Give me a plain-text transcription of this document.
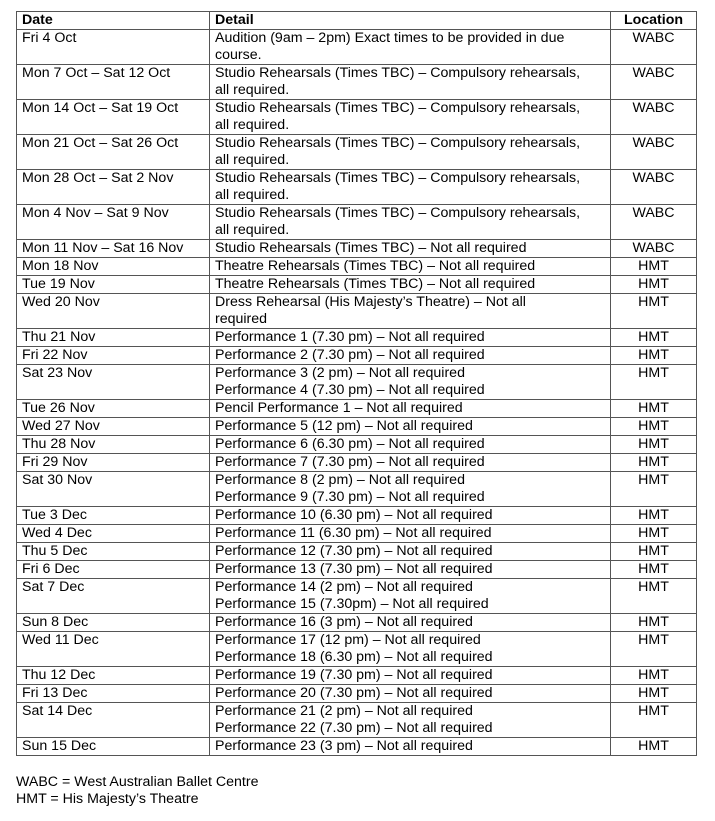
Date	Detail	Location
Fri 4 Oct	Audition (9am – 2pm) Exact times to be provided in due
course.	WABC
Mon 7 Oct – Sat 12 Oct	Studio Rehearsals (Times TBC) – Compulsory rehearsals,
all required.	WABC
Mon 14 Oct – Sat 19 Oct	Studio Rehearsals (Times TBC) – Compulsory rehearsals,
all required.	WABC
Mon 21 Oct – Sat 26 Oct	Studio Rehearsals (Times TBC) – Compulsory rehearsals,
all required.	WABC
Mon 28 Oct – Sat 2 Nov	Studio Rehearsals (Times TBC) – Compulsory rehearsals,
all required.	WABC
Mon 4 Nov – Sat 9 Nov	Studio Rehearsals (Times TBC) – Compulsory rehearsals,
all required.	WABC
Mon 11 Nov – Sat 16 Nov	Studio Rehearsals (Times TBC) – Not all required	WABC
Mon 18 Nov	Theatre Rehearsals (Times TBC) – Not all required	HMT
Tue 19 Nov	Theatre Rehearsals (Times TBC) – Not all required	HMT
Wed 20 Nov	Dress Rehearsal (His Majesty’s Theatre) – Not all
required	HMT
Thu 21 Nov	Performance 1 (7.30 pm) – Not all required	HMT
Fri 22 Nov	Performance 2 (7.30 pm) – Not all required	HMT
Sat 23 Nov	Performance 3 (2 pm) – Not all required
Performance 4 (7.30 pm) – Not all required	HMT
Tue 26 Nov	Pencil Performance 1 – Not all required	HMT
Wed 27 Nov	Performance 5 (12 pm) – Not all required	HMT
Thu 28 Nov	Performance 6 (6.30 pm) – Not all required	HMT
Fri 29 Nov	Performance 7 (7.30 pm) – Not all required	HMT
Sat 30 Nov	Performance 8 (2 pm) – Not all required
Performance 9 (7.30 pm) – Not all required	HMT
Tue 3 Dec	Performance 10 (6.30 pm) – Not all required	HMT
Wed 4 Dec	Performance 11 (6.30 pm) – Not all required	HMT
Thu 5 Dec	Performance 12 (7.30 pm) – Not all required	HMT
Fri 6 Dec	Performance 13 (7.30 pm) – Not all required	HMT
Sat 7 Dec	Performance 14 (2 pm) – Not all required
Performance 15 (7.30pm) – Not all required	HMT
Sun 8 Dec	Performance 16 (3 pm) – Not all required	HMT
Wed 11 Dec	Performance 17 (12 pm) – Not all required
Performance 18 (6.30 pm) – Not all required	HMT
Thu 12 Dec	Performance 19 (7.30 pm) – Not all required	HMT
Fri 13 Dec	Performance 20 (7.30 pm) – Not all required	HMT
Sat 14 Dec	Performance 21 (2 pm) – Not all required
Performance 22 (7.30 pm) – Not all required	HMT
Sun 15 Dec	Performance 23 (3 pm) – Not all required	HMT
WABC = West Australian Ballet Centre
HMT = His Majesty’s Theatre
